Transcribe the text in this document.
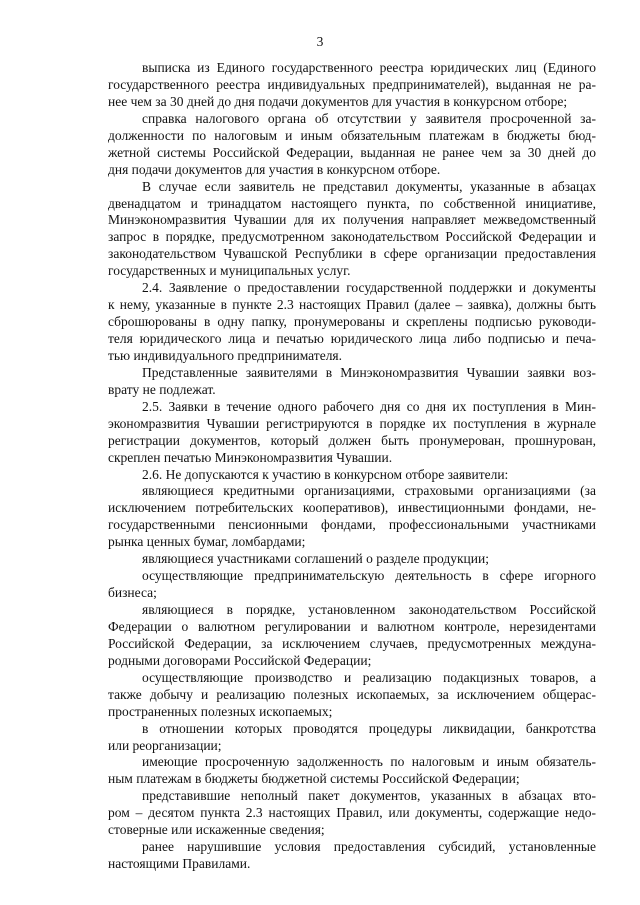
3
выписка из Единого государственного реестра юридических лиц (Единого
государственного реестра индивидуальных предпринимателей), выданная не ра-
нее чем за 30 дней до дня подачи документов для участия в конкурсном отборе;
справка налогового органа об отсутствии у заявителя просроченной за-
долженности по налоговым и иным обязательным платежам в бюджеты бюд-
жетной системы Российской Федерации, выданная не ранее чем за 30 дней до
дня подачи документов для участия в конкурсном отборе.
В случае если заявитель не представил документы, указанные в абзацах
двенадцатом и тринадцатом настоящего пункта, по собственной инициативе,
Минэкономразвития Чувашии для их получения направляет межведомственный
запрос в порядке, предусмотренном законодательством Российской Федерации и
законодательством Чувашской Республики в сфере организации предоставления
государственных и муниципальных услуг.
2.4. Заявление о предоставлении государственной поддержки и документы
к нему, указанные в пункте 2.3 настоящих Правил (далее – заявка), должны быть
сброшюрованы в одну папку, пронумерованы и скреплены подписью руководи-
теля юридического лица и печатью юридического лица либо подписью и печа-
тью индивидуального предпринимателя.
Представленные заявителями в Минэкономразвития Чувашии заявки воз-
врату не подлежат.
2.5. Заявки в течение одного рабочего дня со дня их поступления в Мин-
экономразвития Чувашии регистрируются в порядке их поступления в журнале
регистрации документов, который должен быть пронумерован, прошнурован,
скреплен печатью Минэкономразвития Чувашии.
2.6. Не допускаются к участию в конкурсном отборе заявители:
являющиеся кредитными организациями, страховыми организациями (за
исключением потребительских кооперативов), инвестиционными фондами, не-
государственными пенсионными фондами, профессиональными участниками
рынка ценных бумаг, ломбардами;
являющиеся участниками соглашений о разделе продукции;
осуществляющие предпринимательскую деятельность в сфере игорного
бизнеса;
являющиеся в порядке, установленном законодательством Российской
Федерации о валютном регулировании и валютном контроле, нерезидентами
Российской Федерации, за исключением случаев, предусмотренных междуна-
родными договорами Российской Федерации;
осуществляющие производство и реализацию подакцизных товаров, а
также добычу и реализацию полезных ископаемых, за исключением общерас-
пространенных полезных ископаемых;
в отношении которых проводятся процедуры ликвидации, банкротства
или реорганизации;
имеющие просроченную задолженность по налоговым и иным обязатель-
ным платежам в бюджеты бюджетной системы Российской Федерации;
представившие неполный пакет документов, указанных в абзацах вто-
ром – десятом пункта 2.3 настоящих Правил, или документы, содержащие недо-
стоверные или искаженные сведения;
ранее нарушившие условия предоставления субсидий, установленные
настоящими Правилами.
